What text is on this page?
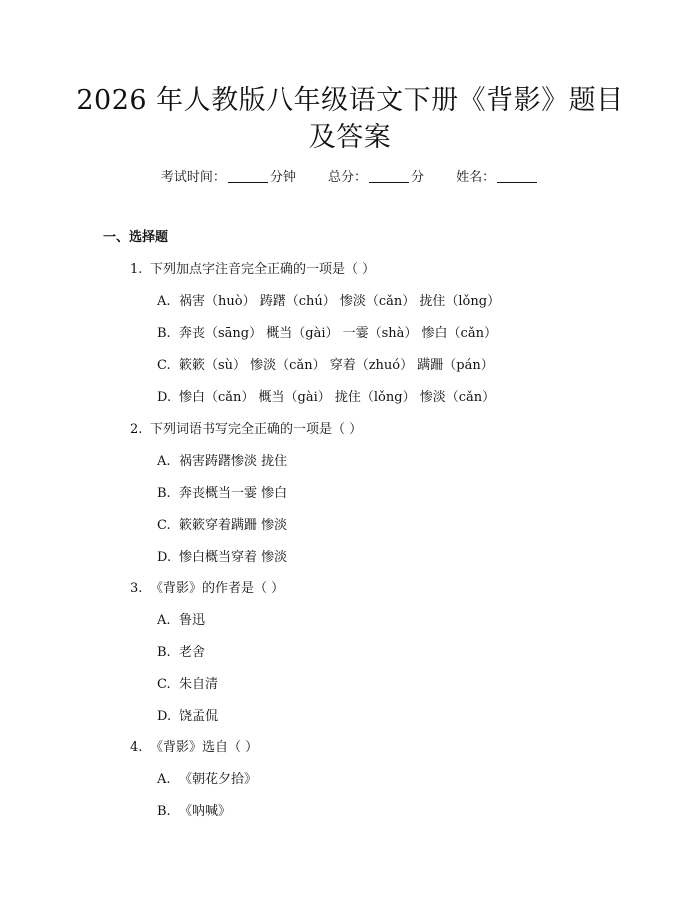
2026 年人教版八年级语文下册《背影》题目
及答案
考试时间：	分钟 总分：	分 姓名：
一、选择题
1. 下列加点字注音完全正确的一项是（ ）
A. 祸害（huò） 踌躇（chú） 惨淡（cǎn） 拢住（lǒng）
B. 奔丧（sāng） 概当（gài） 一霎（shà） 惨白（cǎn）
C. 簌簌（sù） 惨淡（cǎn） 穿着（zhuó） 蹒跚（pán）
D. 惨白（cǎn） 概当（gài） 拢住（lǒng） 惨淡（cǎn）
2. 下列词语书写完全正确的一项是（ ）
A. 祸害踌躇惨淡 拢住
B. 奔丧概当一霎 惨白
C. 簌簌穿着蹒跚 惨淡
D. 惨白概当穿着 惨淡
3. 《背影》的作者是（ ）
A. 鲁迅
B. 老舍
C. 朱自清
D. 饶孟侃
4. 《背影》选自（ ）
A. 《朝花夕拾》
B. 《呐喊》
